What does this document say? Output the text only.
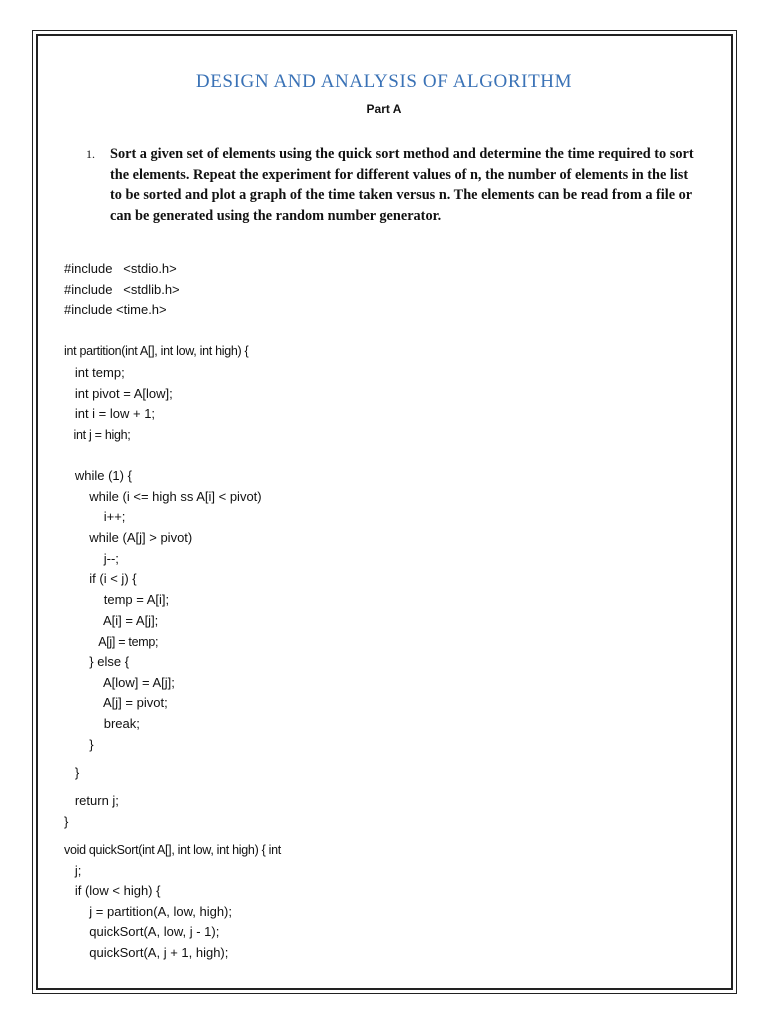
DESIGN AND ANALYSIS OF ALGORITHM
Part A
1.	Sort a given set of elements using the quick sort method and determine the time required to sort the elements. Repeat the experiment for different values of n, the number of elements in the list to be sorted and plot a graph of the time taken versus n. The elements can be read from a file or can be generated using the random number generator.
#include   <stdio.h>
#include   <stdlib.h>
#include <time.h>
int partition(int A[], int low, int high) {
int temp;
int pivot = A[low];
int i = low + 1;
int j = high;
while (1) {
while (i <= high ss A[i] < pivot)
i++;
while (A[j] > pivot)
j--;
if (i < j) {
temp = A[i];
A[i] = A[j];
A[j] = temp;
} else {
A[low] = A[j];
A[j] = pivot;
break;
}
}
return j;
}
void quickSort(int A[], int low, int high) { int
j;
if (low < high) {
j = partition(A, low, high);
quickSort(A, low, j - 1);
quickSort(A, j + 1, high);
